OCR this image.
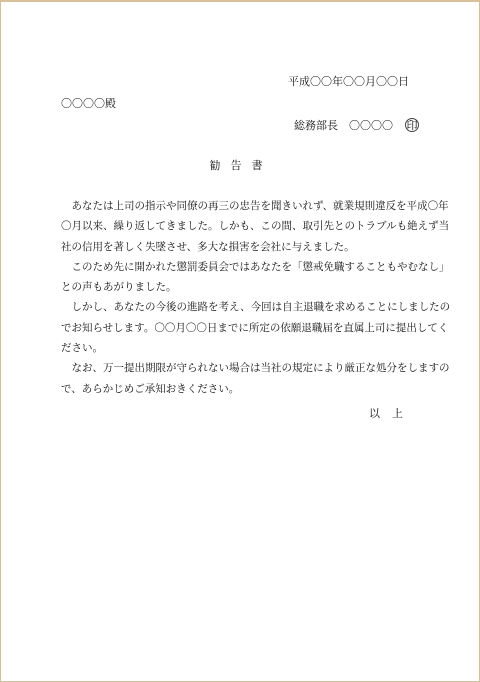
平成〇〇年〇〇月〇〇日
〇〇〇〇殿
総務部長　〇〇〇〇 印
勧告書
　あなたは上司の指示や同僚の再三の忠告を聞きいれず、就業規則違反を平成〇年
〇月以来、繰り返してきました。しかも、この間、取引先とのトラブルも絶えず当
社の信用を著しく失墜させ、多大な損害を会社に与えました。
　このため先に開かれた懲罰委員会ではあなたを「懲戒免職することもやむなし」
との声もあがりました。
　しかし、あなたの今後の進路を考え、今回は自主退職を求めることにしましたの
でお知らせします。〇〇月〇〇日までに所定の依願退職届を直属上司に提出してく
ださい。
　なお、万一提出期限が守られない場合は当社の規定により厳正な処分をしますの
で、あらかじめご承知おきください。
以上
